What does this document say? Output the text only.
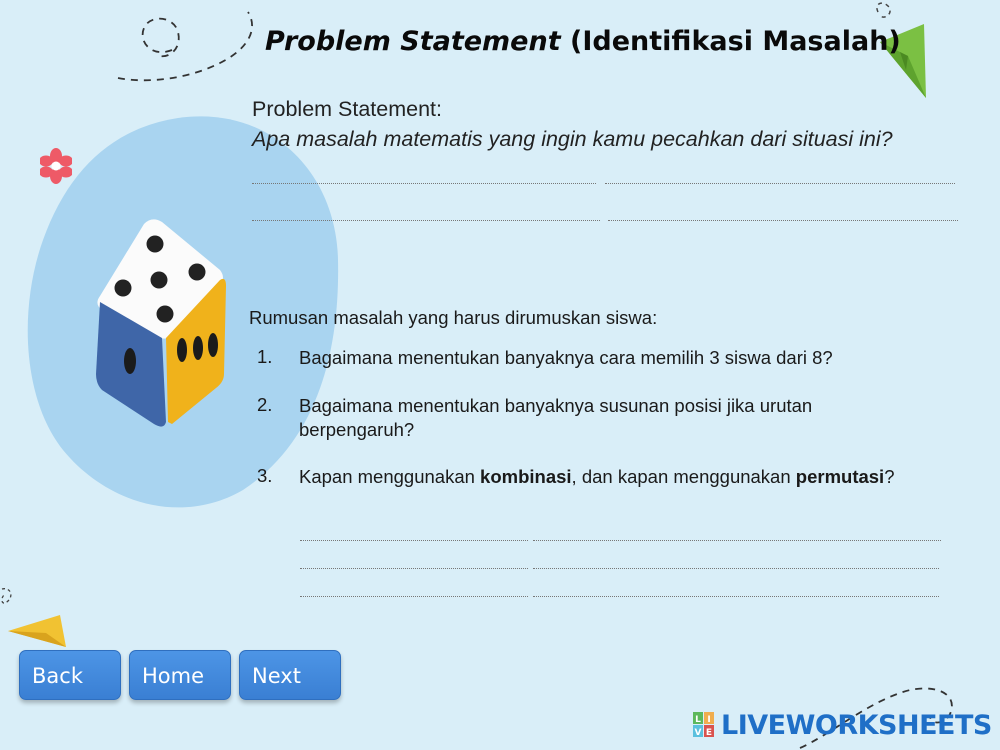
Problem Statement (Identifikasi Masalah)
Problem Statement:
Apa masalah matematis yang ingin kamu pecahkan dari situasi ini?
Rumusan masalah yang harus dirumuskan siswa:
1.	Bagaimana menentukan banyaknya cara memilih 3 siswa dari 8?
2.	Bagaimana menentukan banyaknya susunan posisi jika urutan berpengaruh?
3.	Kapan menggunakan kombinasi, dan kapan menggunakan permutasi?
Back	Home	Next
L I
V E LIVEWORKSHEETS
